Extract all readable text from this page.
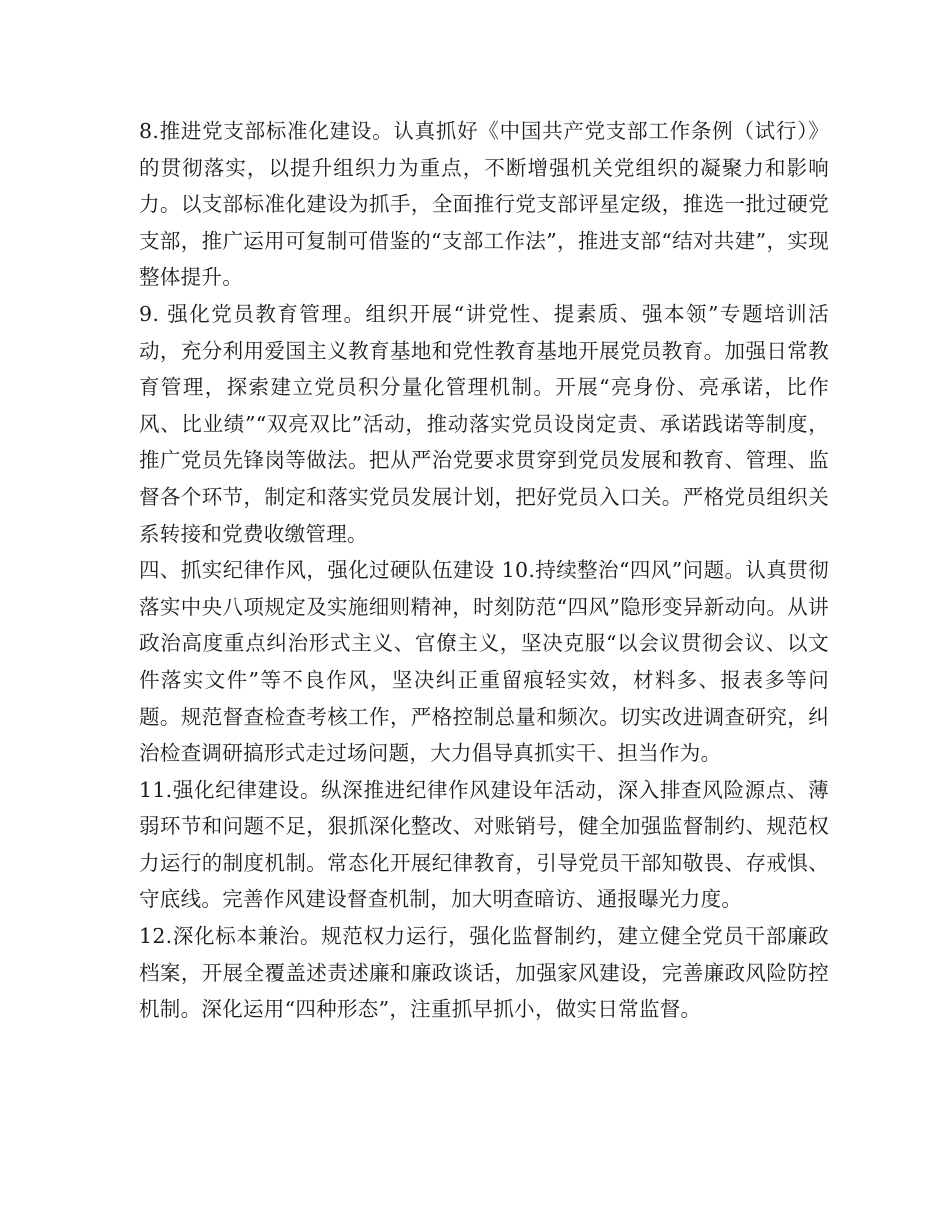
8.推进党支部标准化建设。认真抓好《中国共产党支部工作条例（试行）》的贯彻落实，以提升组织力为重点，不断增强机关党组织的凝聚力和影响力。以支部标准化建设为抓手，全面推行党支部评星定级，推选一批过硬党支部，推广运用可复制可借鉴的“支部工作法”，推进支部“结对共建”，实现整体提升。

9. 强化党员教育管理。组织开展“讲党性、提素质、强本领”专题培训活动，充分利用爱国主义教育基地和党性教育基地开展党员教育。加强日常教育管理，探索建立党员积分量化管理机制。开展“亮身份、亮承诺，比作风、比业绩”“双亮双比”活动，推动落实党员设岗定责、承诺践诺等制度，推广党员先锋岗等做法。把从严治党要求贯穿到党员发展和教育、管理、监督各个环节，制定和落实党员发展计划，把好党员入口关。严格党员组织关系转接和党费收缴管理。

四、抓实纪律作风，强化过硬队伍建设 10.持续整治“四风”问题。认真贯彻落实中央八项规定及实施细则精神，时刻防范“四风”隐形变异新动向。从讲政治高度重点纠治形式主义、官僚主义，坚决克服“以会议贯彻会议、以文件落实文件”等不良作风，坚决纠正重留痕轻实效，材料多、报表多等问题。规范督查检查考核工作，严格控制总量和频次。切实改进调查研究，纠治检查调研搞形式走过场问题，大力倡导真抓实干、担当作为。

11.强化纪律建设。纵深推进纪律作风建设年活动，深入排查风险源点、薄弱环节和问题不足，狠抓深化整改、对账销号，健全加强监督制约、规范权力运行的制度机制。常态化开展纪律教育，引导党员干部知敬畏、存戒惧、守底线。完善作风建设督查机制，加大明查暗访、通报曝光力度。

12.深化标本兼治。规范权力运行，强化监督制约，建立健全党员干部廉政档案，开展全覆盖述责述廉和廉政谈话，加强家风建设，完善廉政风险防控机制。深化运用“四种形态”，注重抓早抓小，做实日常监督。
